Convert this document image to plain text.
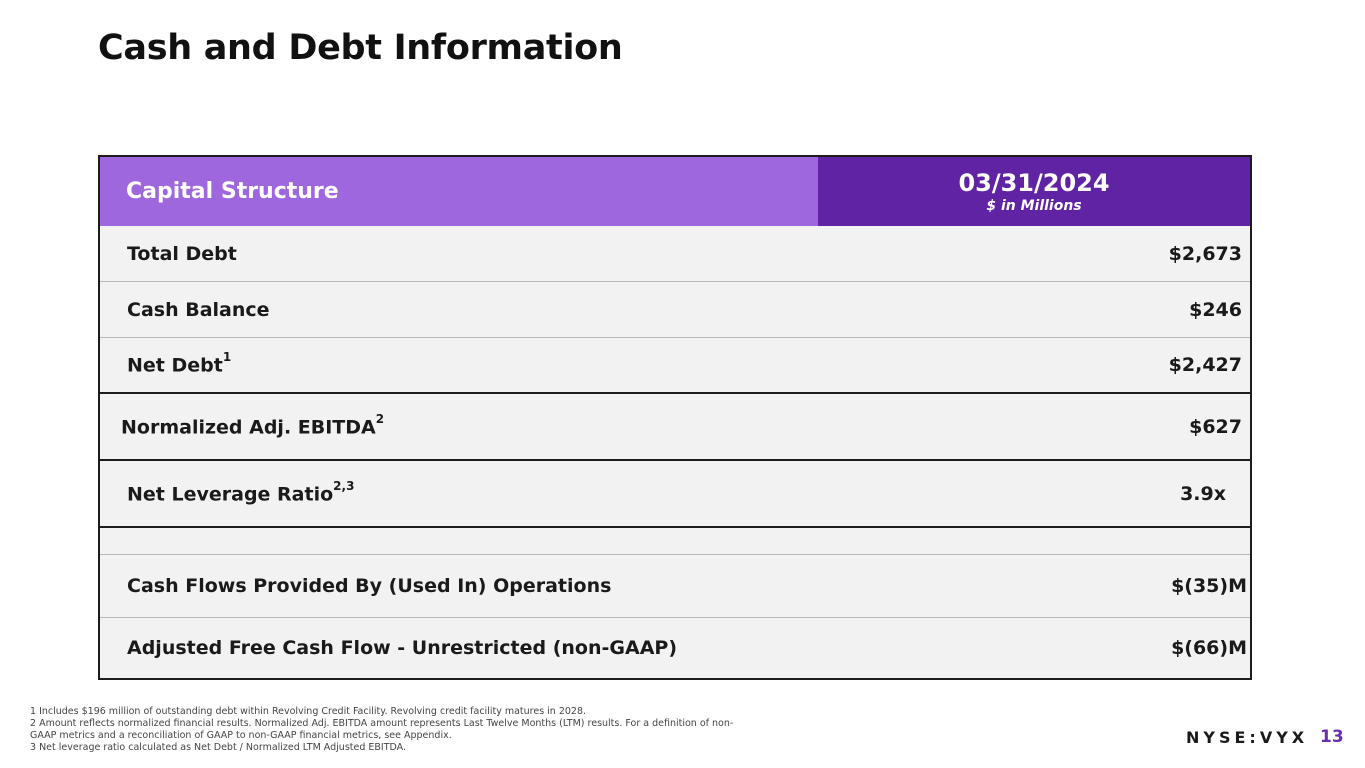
Cash and Debt Information
Capital Structure	03/31/2024
$ in Millions
Total Debt	$2,673
Cash Balance	$246
Net Debt$^1$	$2,427
Normalized Adj. EBITDA$^2$	$627
Net Leverage Ratio$^{2,3}$	3.9x
Cash Flows Provided By (Used In) Operations	$(35)M
Adjusted Free Cash Flow - Unrestricted (non-GAAP)	$(66)M
1 Includes $196 million of outstanding debt within Revolving Credit Facility. Revolving credit facility matures in 2028.
2 Amount reflects normalized financial results. Normalized Adj. EBITDA amount represents Last Twelve Months (LTM) results. For a definition of non-
GAAP metrics and a reconciliation of GAAP to non-GAAP financial metrics, see Appendix.
3 Net leverage ratio calculated as Net Debt / Normalized LTM Adjusted EBITDA.
NYSE:VYX 13
